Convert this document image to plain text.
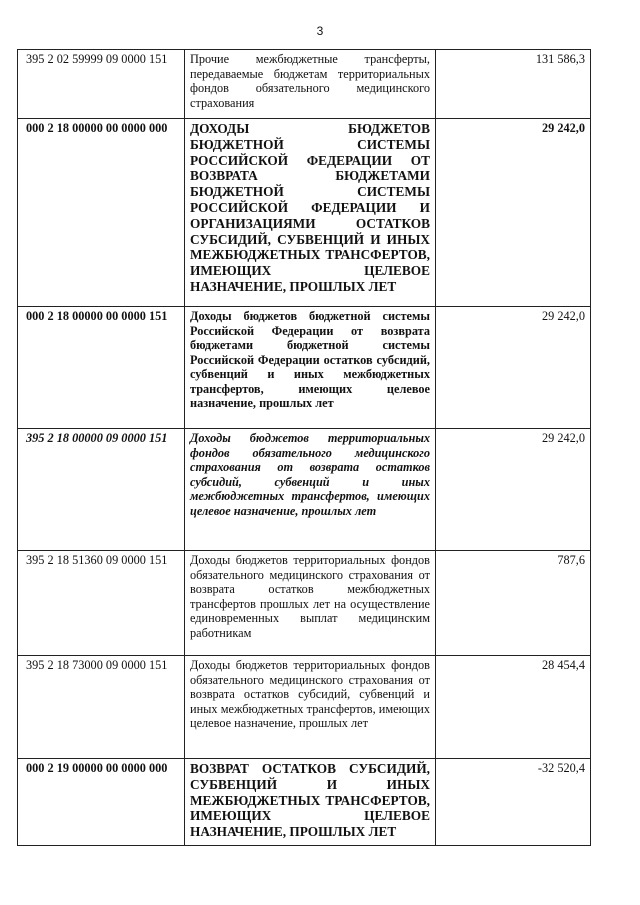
3
395 2 02 59999 09 0000 151	Прочие межбюджетные трансферты, передаваемые бюджетам территориальных фондов обязательного медицинского страхования	131 586,3
000 2 18 00000 00 0000 000	ДОХОДЫ БЮДЖЕТОВ БЮДЖЕТНОЙ СИСТЕМЫ РОССИЙСКОЙ ФЕДЕРАЦИИ ОТ ВОЗВРАТА БЮДЖЕТАМИ БЮДЖЕТНОЙ СИСТЕМЫ РОССИЙСКОЙ ФЕДЕРАЦИИ И ОРГАНИЗАЦИЯМИ ОСТАТКОВ СУБСИДИЙ, СУБВЕНЦИЙ И ИНЫХ МЕЖБЮДЖЕТНЫХ ТРАНСФЕРТОВ, ИМЕЮЩИХ ЦЕЛЕВОЕ НАЗНАЧЕНИЕ, ПРОШЛЫХ ЛЕТ	29 242,0
000 2 18 00000 00 0000 151	Доходы бюджетов бюджетной системы Российской Федерации от возврата бюджетами бюджетной системы Российской Федерации остатков субсидий, субвенций и иных межбюджетных трансфертов, имеющих целевое назначение, прошлых лет	29 242,0
395 2 18 00000 09 0000 151	Доходы бюджетов территориальных фондов обязательного медицинского страхования от возврата остатков субсидий, субвенций и иных межбюджетных трансфертов, имеющих целевое назначение, прошлых лет	29 242,0
395 2 18 51360 09 0000 151	Доходы бюджетов территориальных фондов обязательного медицинского страхования от возврата остатков межбюджетных трансфертов прошлых лет на осуществление единовременных выплат медицинским работникам	787,6
395 2 18 73000 09 0000 151	Доходы бюджетов территориальных фондов обязательного медицинского страхования от возврата остатков субсидий, субвенций и иных межбюджетных трансфертов, имеющих целевое назначение, прошлых лет	28 454,4
000 2 19 00000 00 0000 000	ВОЗВРАТ ОСТАТКОВ СУБСИДИЙ, СУБВЕНЦИЙ И ИНЫХ МЕЖБЮДЖЕТНЫХ ТРАНСФЕРТОВ, ИМЕЮЩИХ ЦЕЛЕВОЕ НАЗНАЧЕНИЕ, ПРОШЛЫХ ЛЕТ	-32 520,4
